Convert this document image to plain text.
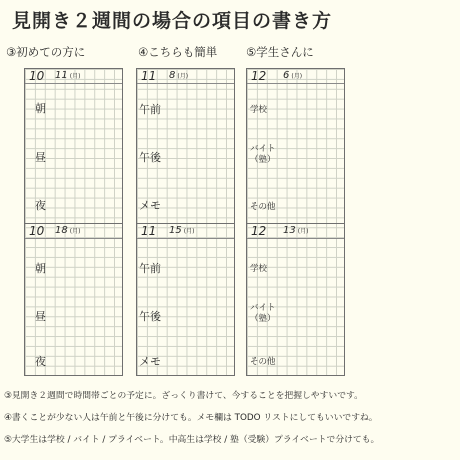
見開き２週間の場合の項目の書き方
③初めての方に	④こちらも簡単 ⑤学生さんに
10 11 (月)
朝
昼
夜
10 18 (月)
朝
昼
夜
11 8 (月)
午前
午後
メモ
11 15 (月)
午前
午後
メモ
12 6 (月)
学校
バイト
（塾）
その他
12 13 (月)
学校
バイト
（塾）
その他
③見開き２週間で時間帯ごとの予定に。ざっくり書けて、今することを把握しやすいです。
④書くことが少ない人は午前と午後に分けても。メモ欄は TODO リストにしてもいいですね。
⑤大学生は学校 / バイト / プライベート。中高生は学校 / 塾（受験）プライベートで分けても。
